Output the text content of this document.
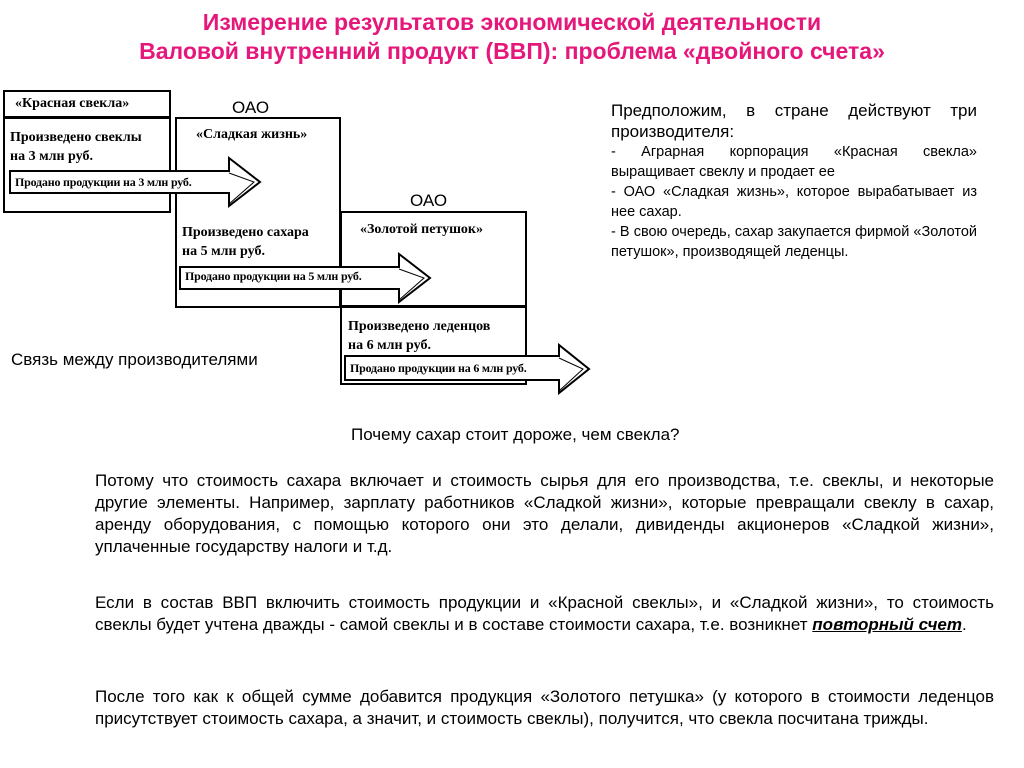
Измерение результатов экономической деятельности
Валовой внутренний продукт (ВВП): проблема «двойного счета»
«Красная свекла»
Произведено свеклы
на 3 млн руб.
ОАО
«Сладкая жизнь»
Произведено сахара
на 5 млн руб.
ОАО
«Золотой петушок»
Произведено леденцов
на 6 млн руб.
Продано продукции на 3 млн руб.
Продано продукции на 5 млн руб.
Продано продукции на 6 млн руб.
Связь между производителями
Предположим, в стране действуют три
производителя:
- Аграрная корпорация «Красная свекла» выращивает свеклу и продает ее
- ОАО «Сладкая жизнь», которое вырабатывает из нее сахар.
- В свою очередь, сахар закупается фирмой «Золотой петушок», производящей леденцы.
Почему сахар стоит дороже, чем свекла?

Потому что стоимость сахара включает и стоимость сырья для его производства, т.е. свеклы, и некоторые другие элементы. Например, зарплату работников «Сладкой жизни», которые превращали свеклу в сахар, аренду оборудования, с помощью которого они это делали, дивиденды акционеров «Сладкой жизни», уплаченные государству налоги и т.д.

Если в состав ВВП включить стоимость продукции и «Красной свеклы», и «Сладкой жизни», то стоимость свеклы будет учтена дважды - самой свеклы и в составе стоимости сахара, т.е. возникнет повторный счет.

После того как к общей сумме добавится продукция «Золотого петушка» (у которого в стоимости леденцов присутствует стоимость сахара, а значит, и стоимость свеклы), получится, что свекла посчитана трижды.
